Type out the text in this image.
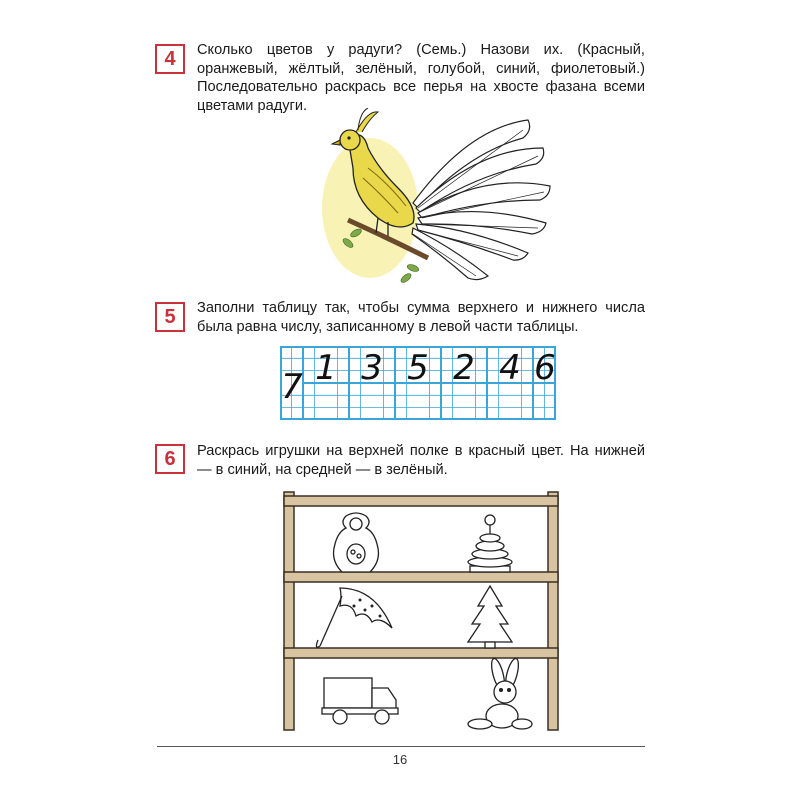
4	Сколько цветов у радуги? (Семь.) Назови их. (Красный, оранжевый, жёлтый, зелёный, голубой, синий, фиолетовый.) Последовательно раскрась все перья на хвосте фазана всеми цветами радуги.
5	Заполни таблицу так, чтобы сумма верхнего и нижнего числа была равна числу, записанному в левой части таблицы.
7 1 3 5 2 4 6
6	Раскрась игрушки на верхней полке в красный цвет. На нижней — в синий, на средней — в зелёный.
16
